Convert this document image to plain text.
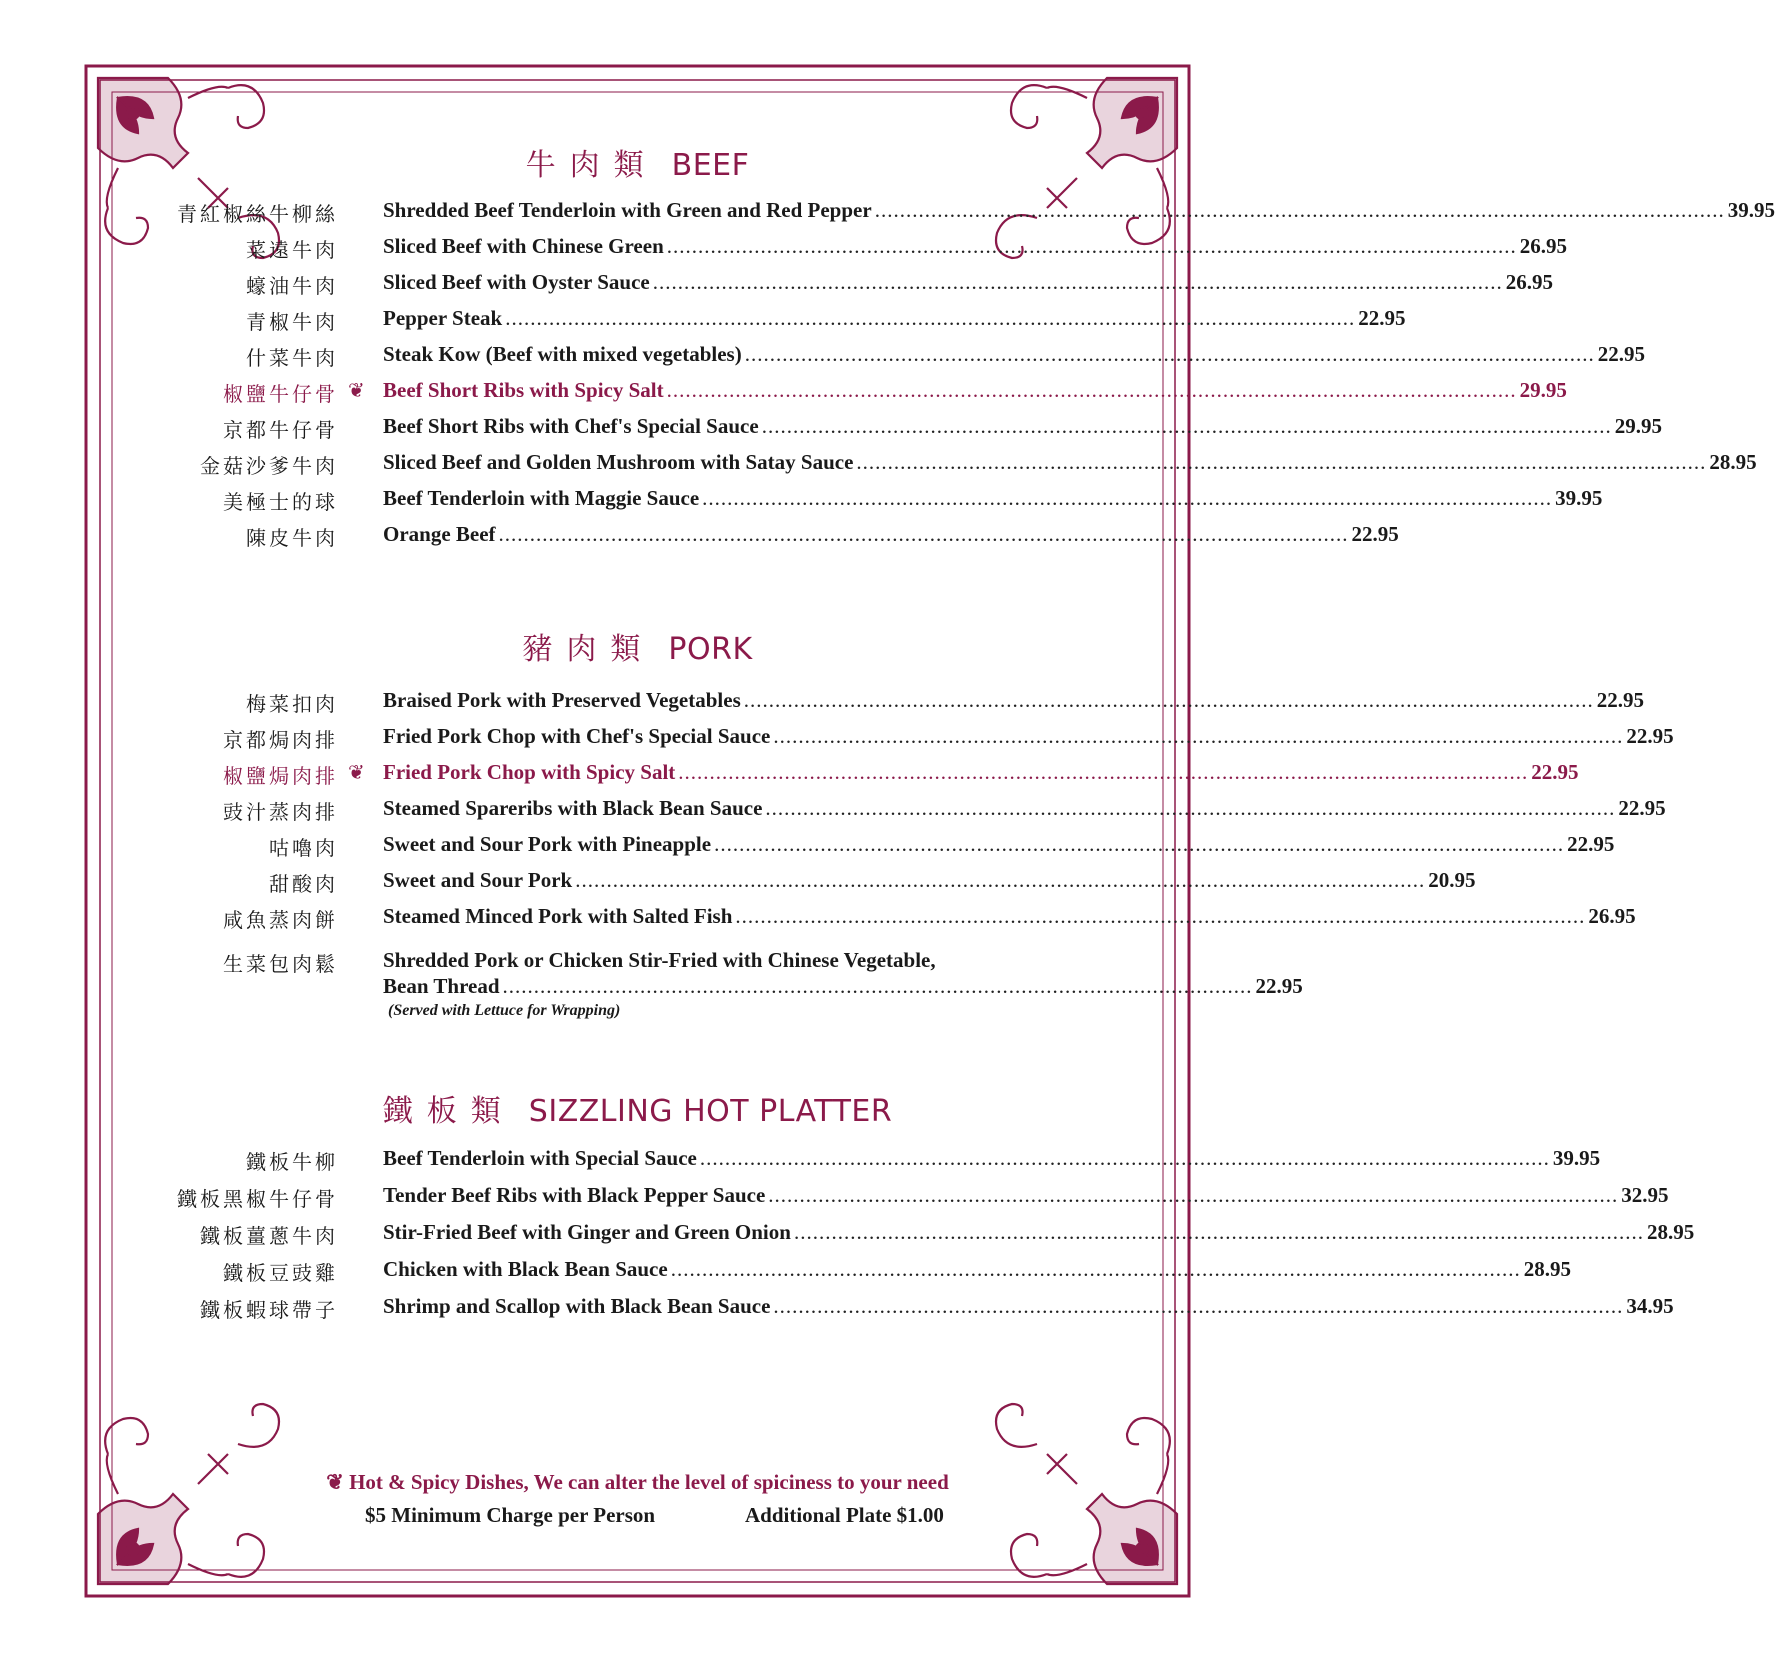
牛肉類 BEEF
青紅椒絲牛柳絲 Shredded Beef Tenderloin with Green and Red Pepper ........................................................................................................................................ 39.95
菜遠牛肉 Sliced Beef with Chinese Green ........................................................................................................................................ 26.95
蠔油牛肉 Sliced Beef with Oyster Sauce ........................................................................................................................................ 26.95
青椒牛肉 Pepper Steak ........................................................................................................................................ 22.95
什菜牛肉 Steak Kow (Beef with mixed vegetables) ........................................................................................................................................ 22.95
椒鹽牛仔骨 ❦ Beef Short Ribs with Spicy Salt ........................................................................................................................................ 29.95
京都牛仔骨 Beef Short Ribs with Chef's Special Sauce ........................................................................................................................................ 29.95
金菇沙爹牛肉 Sliced Beef and Golden Mushroom with Satay Sauce ........................................................................................................................................ 28.95
美極士的球 Beef Tenderloin with Maggie Sauce ........................................................................................................................................ 39.95
陳皮牛肉 Orange Beef ........................................................................................................................................ 22.95
豬肉類 PORK
梅菜扣肉 Braised Pork with Preserved Vegetables ........................................................................................................................................ 22.95
京都焗肉排 Fried Pork Chop with Chef's Special Sauce ........................................................................................................................................ 22.95
椒鹽焗肉排 ❦ Fried Pork Chop with Spicy Salt ........................................................................................................................................ 22.95
豉汁蒸肉排 Steamed Spareribs with Black Bean Sauce ........................................................................................................................................ 22.95
咕嚕肉 Sweet and Sour Pork with Pineapple ........................................................................................................................................ 22.95
甜酸肉 Sweet and Sour Pork ........................................................................................................................................ 20.95
咸魚蒸肉餅 Steamed Minced Pork with Salted Fish ........................................................................................................................................ 26.95
生菜包肉鬆 Shredded Pork or Chicken Stir-Fried with Chinese Vegetable,
Bean Thread ........................................................................................................................ 22.95
(Served with Lettuce for Wrapping)
鐵板類 SIZZLING HOT PLATTER
鐵板牛柳 Beef Tenderloin with Special Sauce ........................................................................................................................................ 39.95
鐵板黑椒牛仔骨 Tender Beef Ribs with Black Pepper Sauce ........................................................................................................................................ 32.95
鐵板薑蔥牛肉 Stir-Fried Beef with Ginger and Green Onion ........................................................................................................................................ 28.95
鐵板豆豉雞 Chicken with Black Bean Sauce ........................................................................................................................................ 28.95
鐵板蝦球帶子 Shrimp and Scallop with Black Bean Sauce ........................................................................................................................................ 34.95
❦ Hot & Spicy Dishes, We can alter the level of spiciness to your need
$5 Minimum Charge per Person	Additional Plate $1.00
